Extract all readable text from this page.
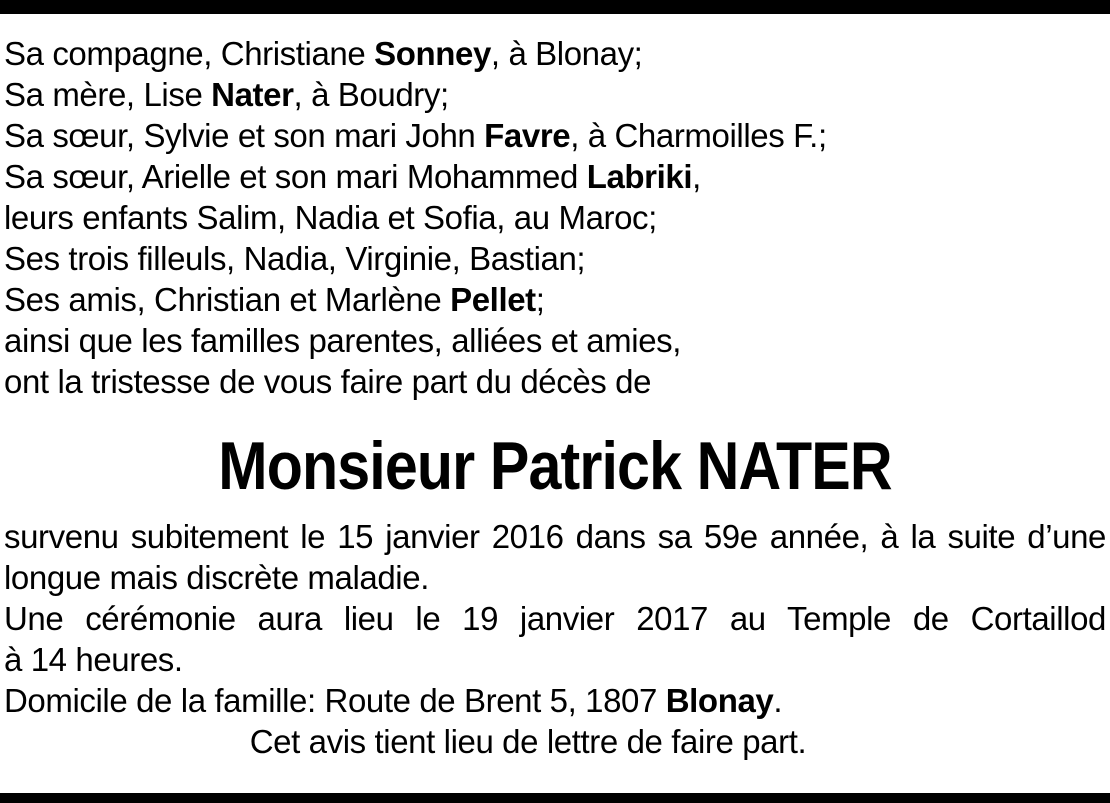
Sa compagne, Christiane Sonney, à Blonay;
Sa mère, Lise Nater, à Boudry;
Sa sœur, Sylvie et son mari John Favre, à Charmoilles F.;
Sa sœur, Arielle et son mari Mohammed Labriki,
leurs enfants Salim, Nadia et Sofia, au Maroc;
Ses trois filleuls, Nadia, Virginie, Bastian;
Ses amis, Christian et Marlène Pellet;
ainsi que les familles parentes, alliées et amies,
ont la tristesse de vous faire part du décès de
Monsieur Patrick NATER
survenu subitement le 15 janvier 2016 dans sa 59e année, à la suite d’une
longue mais discrète maladie.
Une cérémonie aura lieu le 19 janvier 2017 au Temple de Cortaillod
à 14 heures.
Domicile de la famille: Route de Brent 5, 1807 Blonay.
Cet avis tient lieu de lettre de faire part.
